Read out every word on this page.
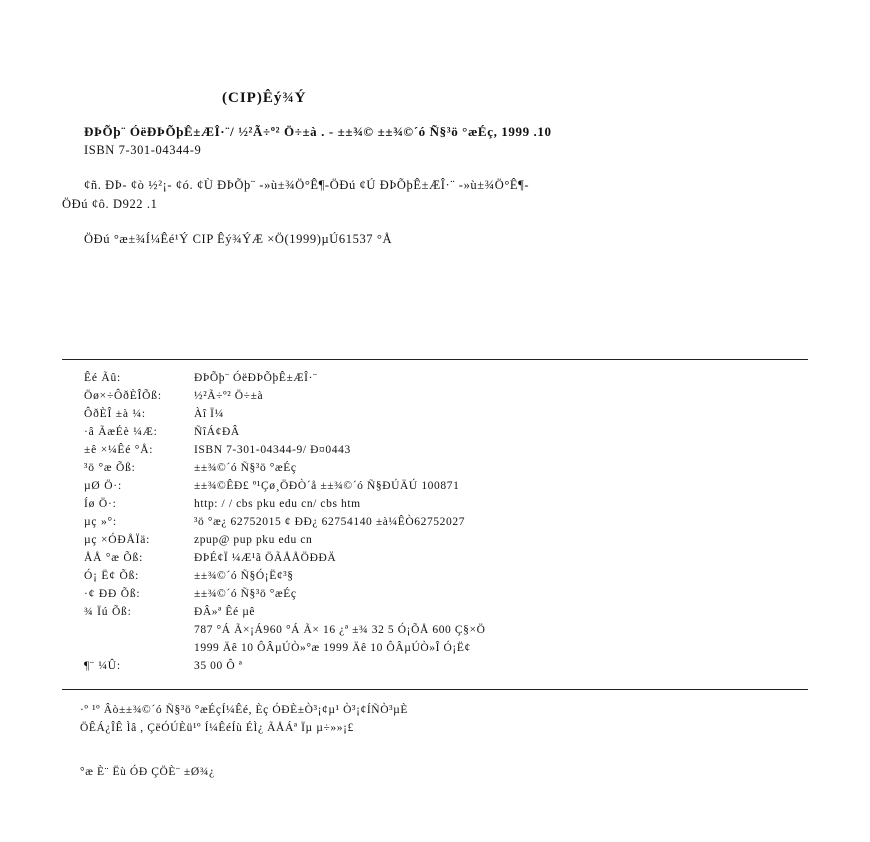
(CIP)Êý¾Ý
ÐÞÕþ¨ ÓëÐÞÕþÊ±ÆÎ·¨/ ½²Ã÷º² Ö÷±à . - ±±¾© ±±¾©´ó Ñ§³ö °æÉç, 1999 .10
ISBN 7-301-04344-9
¢ñ. ÐÞ- ¢ò ½²¡- ¢ó. ¢Ù ÐÞÕþ¨ -»ù±¾Ö°Ê¶-ÖÐú ¢Ú ÐÞÕþÊ±ÆÎ·¨ -»ù±¾Ö°Ê¶-
ÖÐú ¢ô. D922 .1
ÖÐú °æ±¾Í¼Êé¹Ý CIP Êý¾ÝÆ ×Ö(1999)µÚ61537 °Å
Êé Ãû:	ÐÞÕþ¨ ÓëÐÞÕþÊ±ÆÎ·¨
Öø×÷ÔðÈÎÕß:	½²Ã÷º² Ö÷±à
ÔðÈÎ ±à ¼:	Àî Ï¼
·â ÃæÉè ¼Æ:	ÑîÁ¢ÐÂ
±ê ×¼Êé °Å:	ISBN 7-301-04344-9/ Ð¤0443
³ö °æ Õß:	±±¾©´ó Ñ§³ö °æÉç
µØ Ö·:	±±¾©ÊÐ£ º¹Çø¸ÖÐÒ´å ±±¾©´ó Ñ§ÐÚÄÚ 100871
Íø Ö·:	http: / / cbs pku edu cn/ cbs htm
µç »°:	³ö °æ¿ 62752015 ¢ ÐÐ¿ 62754140 ±à¼ÊÒ62752027
µç ×ÓÐÅÏä:	zpup@ pup pku edu cn
ÅÅ °æ Õß:	ÐÞÉ¢Ï ¼Æ¹ã ÖÃÅÅÖÐÐÄ
Ó¡ Ë¢ Õß:	±±¾©´ó Ñ§Ó¡Ë¢³§
·¢ ÐÐ Õß:	±±¾©´ó Ñ§³ö °æÉç
¾ Ïú Õß:	ÐÂ»ª Êé µê
787 °Á Ã×¡Á960 °Á Ã× 16 ¿ª ±¾ 32 5 Ó¡ÕÅ 600 Ç§×Ö
1999 Äê 10 ÔÂµÚÒ»°æ 1999 Äê 10 ÔÂµÚÒ»Î Ó¡Ë¢
¶¨ ¼Û:	35 00 Ô ª
·º ¹º Âò±±¾©´ó Ñ§³ö °æÉçÍ¼Êé, Èç ÓÐÈ±Ò³¡¢µ¹ Ò³¡¢ÍÑÒ³µÈ
ÖÊÁ¿ÎÊ Ìâ , ÇëÓÚÈü¹º Í¼ÊéÍù ÉÌ¿ ÃÅÁª Ïµ µ÷»»¡£
°æ È¨ Ëù ÓÐ ÇÖÈ¨ ±Ø¾¿
